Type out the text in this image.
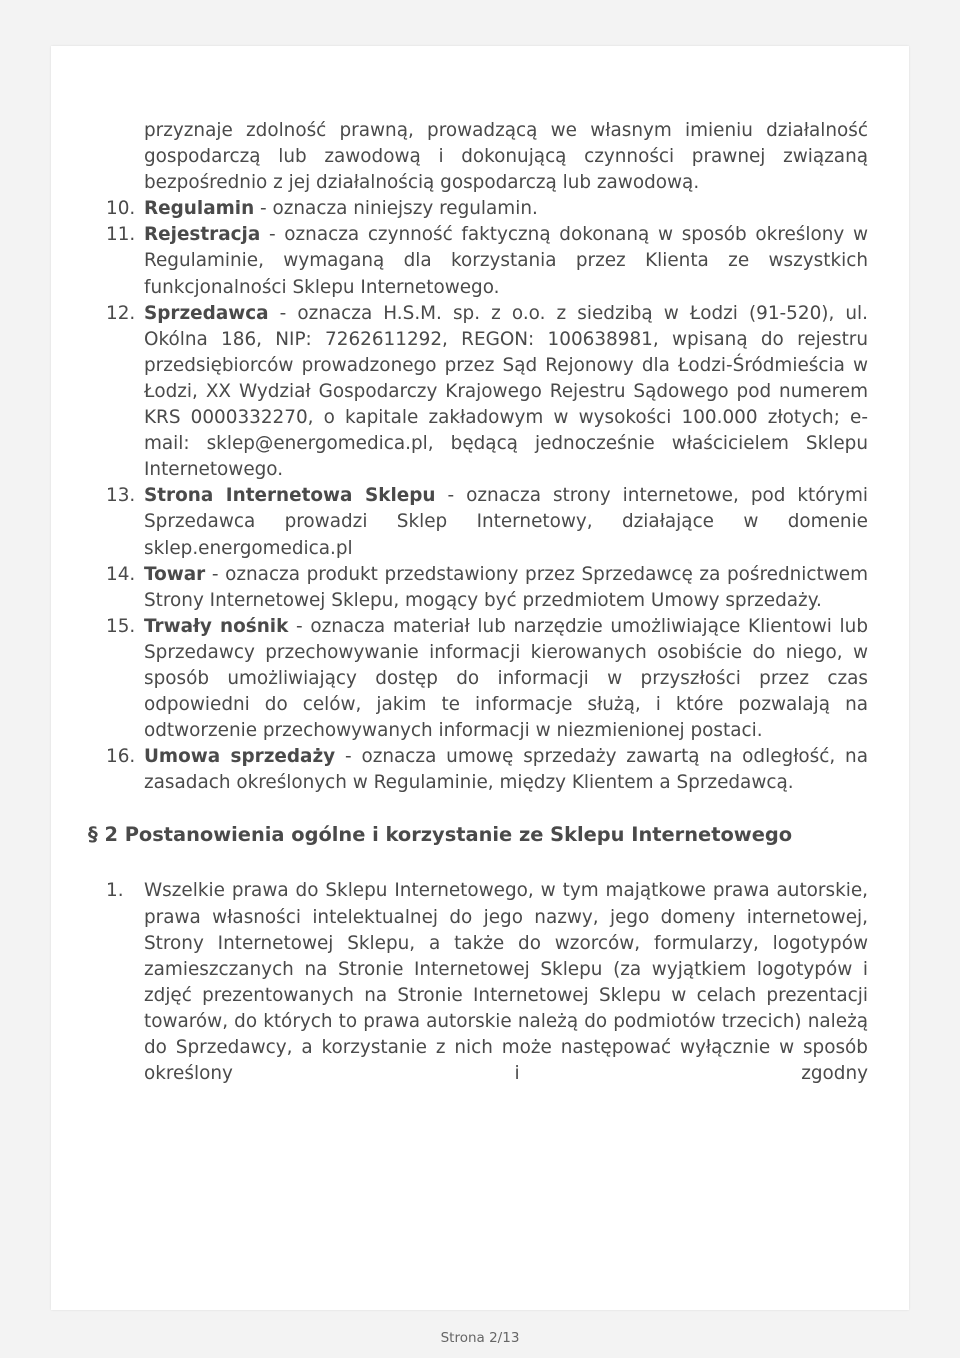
przyznaje zdolność prawną, prowadzącą we własnym imieniu działalność gospodarczą lub zawodową i dokonującą czynności prawnej związaną bezpośrednio z jej działalnością gospodarczą lub zawodową.

10. Regulamin - oznacza niniejszy regulamin.

11. Rejestracja - oznacza czynność faktyczną dokonaną w sposób określony w Regulaminie, wymaganą dla korzystania przez Klienta ze wszystkich funkcjonalności Sklepu Internetowego.

12. Sprzedawca - oznacza H.S.M. sp. z o.o. z siedzibą w Łodzi (91-520), ul. Okólna 186, NIP: 7262611292, REGON: 100638981, wpisaną do rejestru przedsiębiorców prowadzonego przez Sąd Rejonowy dla Łodzi-Śródmieścia w Łodzi, XX Wydział Gospodarczy Krajowego Rejestru Sądowego pod numerem KRS 0000332270, o kapitale zakładowym w wysokości 100.000 złotych; e-mail: sklep@energomedica.pl, będącą jednocześnie właścicielem Sklepu Internetowego.

13. Strona Internetowa Sklepu - oznacza strony internetowe, pod którymi Sprzedawca prowadzi Sklep Internetowy, działające w domenie sklep.energomedica.pl

14. Towar - oznacza produkt przedstawiony przez Sprzedawcę za pośrednictwem Strony Internetowej Sklepu, mogący być przedmiotem Umowy sprzedaży.

15. Trwały nośnik - oznacza materiał lub narzędzie umożliwiające Klientowi lub Sprzedawcy przechowywanie informacji kierowanych osobiście do niego, w sposób umożliwiający dostęp do informacji w przyszłości przez czas odpowiedni do celów, jakim te informacje służą, i które pozwalają na odtworzenie przechowywanych informacji w niezmienionej postaci.

16. Umowa sprzedaży - oznacza umowę sprzedaży zawartą na odległość, na zasadach określonych w Regulaminie, między Klientem a Sprzedawcą.

§ 2 Postanowienia ogólne i korzystanie ze Sklepu Internetowego
1.	Wszelkie prawa do Sklepu Internetowego, w tym majątkowe prawa autorskie, prawa własności intelektualnej do jego nazwy, jego domeny internetowej, Strony Internetowej Sklepu, a także do wzorców, formularzy, logotypów zamieszczanych na Stronie Internetowej Sklepu (za wyjątkiem logotypów i zdjęć prezentowanych na Stronie Internetowej Sklepu w celach prezentacji towarów, do których to prawa autorskie należą do podmiotów trzecich) należą do Sprzedawcy, a korzystanie z nich może następować wyłącznie w sposób określony i zgodny

Strona 2/13
